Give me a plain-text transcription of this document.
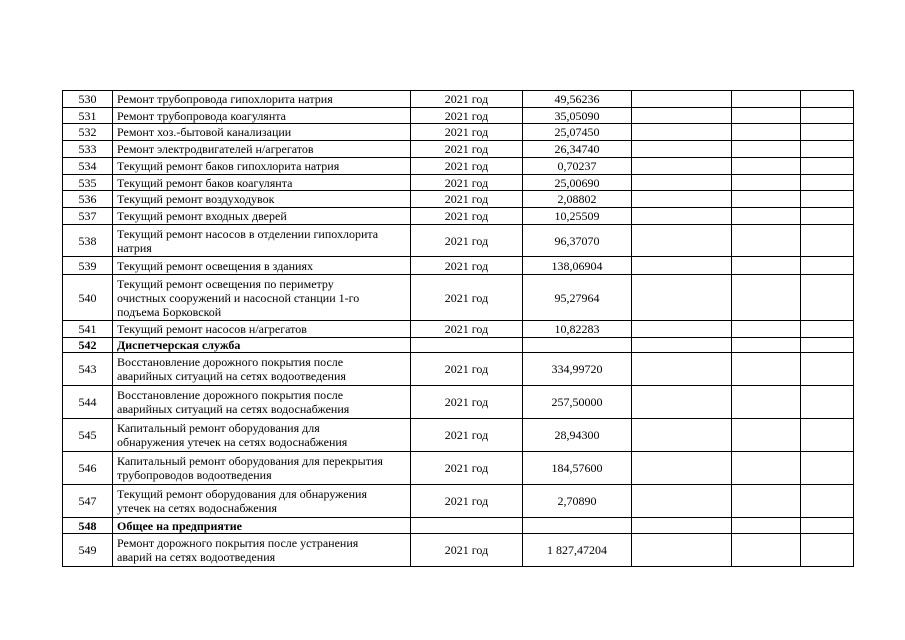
530	Ремонт трубопровода гипохлорита натрия	2021 год	49,56236			
531	Ремонт трубопровода коагулянта	2021 год	35,05090			
532	Ремонт хоз.-бытовой канализации	2021 год	25,07450			
533	Ремонт электродвигателей н/агрегатов	2021 год	26,34740			
534	Текущий ремонт баков гипохлорита натрия	2021 год	0,70237			
535	Текущий ремонт баков коагулянта	2021 год	25,00690			
536	Текущий ремонт воздуходувок	2021 год	2,08802			
537	Текущий ремонт входных дверей	2021 год	10,25509			
538	Текущий ремонт насосов в отделении гипохлорита
натрия	2021 год	96,37070			
539	Текущий ремонт освещения в зданиях	2021 год	138,06904			
540	Текущий ремонт освещения по периметру
очистных сооружений и насосной станции 1-го
подъема Борковской	2021 год	95,27964			
541	Текущий ремонт насосов н/агрегатов	2021 год	10,82283			
542	Диспетчерская служба					

543	Восстановление дорожного покрытия после
аварийных ситуаций на сетях водоотведения	2021 год	334,99720			
544	Восстановление дорожного покрытия после
аварийных ситуаций на сетях водоснабжения	2021 год	257,50000			
545	Капитальный ремонт оборудования для
обнаружения утечек на сетях водоснабжения	2021 год	28,94300			
546	Капитальный ремонт оборудования для перекрытия
трубопроводов водоотведения	2021 год	184,57600			
547	Текущий ремонт оборудования для обнаружения
утечек на сетях водоснабжения	2021 год	2,70890			
548	Общее на предприятие					

549	Ремонт дорожного покрытия после устранения
аварий на сетях водоотведения	2021 год	1 827,47204			
